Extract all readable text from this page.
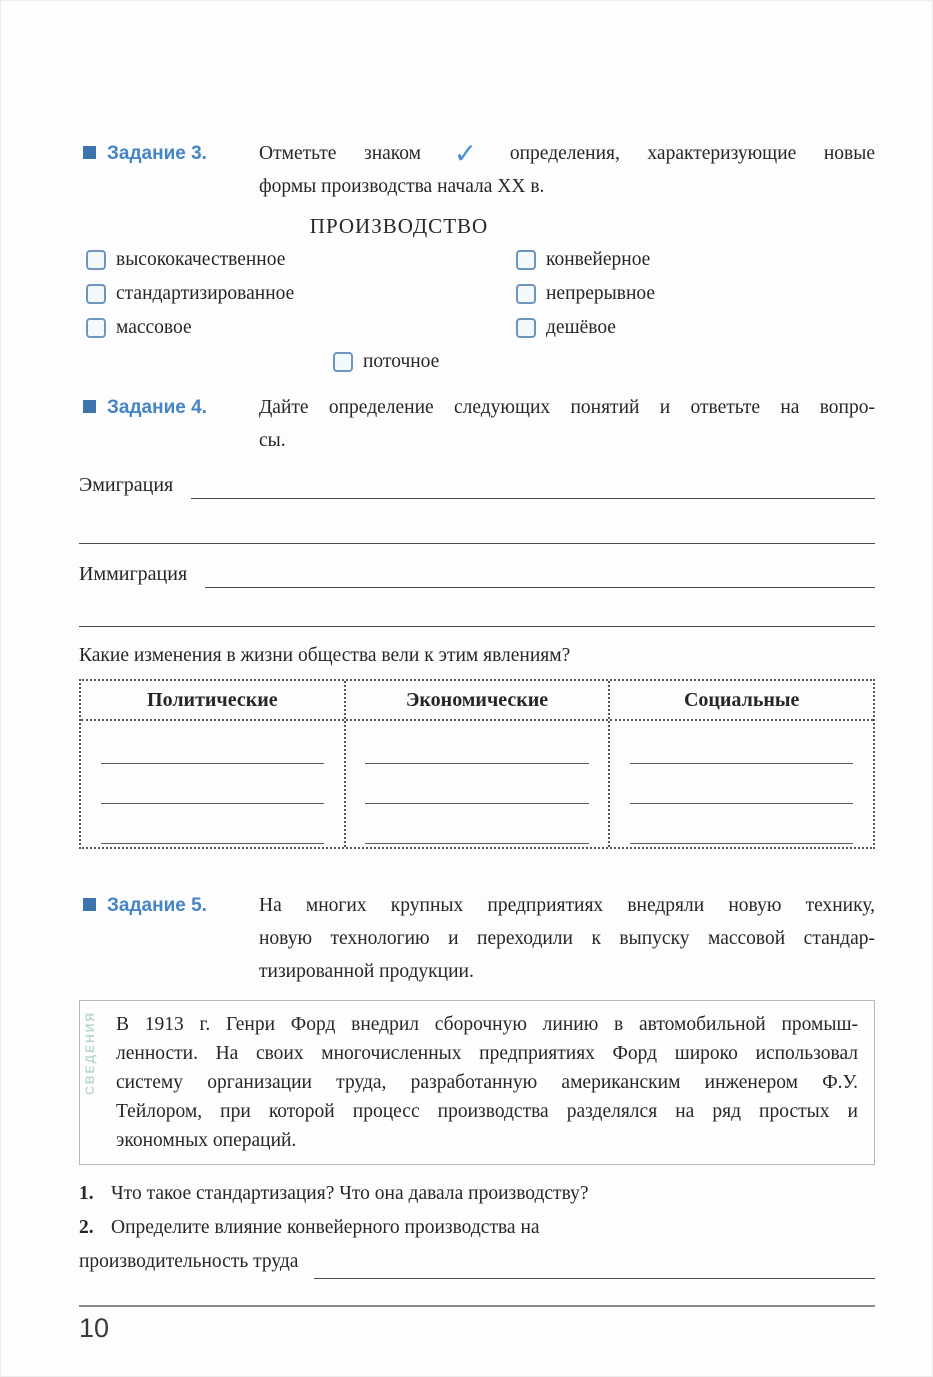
Задание 3.	Отметьте знаком ✓ определения, характеризующие новые
формы производства начала XX в.
ПРОИЗВОДСТВО
высококачественное	конвейерное
стандартизированное	непрерывное
массовое	дешёвое
поточное
Задание 4.	Дайте определение следующих понятий и ответьте на вопро-
сы.
Эмиграция
Иммиграция
Какие изменения в жизни общества вели к этим явлениям?
Политические	Экономические	Социальные
Задание 5.	На многих крупных предприятиях внедряли новую технику,
новую технологию и переходили к выпуску массовой стандар-
тизированной продукции.
СВЕДЕНИЯ В 1913 г. Генри Форд внедрил сборочную линию в автомобильной промыш-
ленности. На своих многочисленных предприятиях Форд широко использовал
систему организации труда, разработанную американским инженером Ф.У.
Тейлором, при которой процесс производства разделялся на ряд простых и
экономных операций.
1. Что такое стандартизация? Что она давала производству?
2. Определите влияние конвейерного производства на
производительность труда
10
